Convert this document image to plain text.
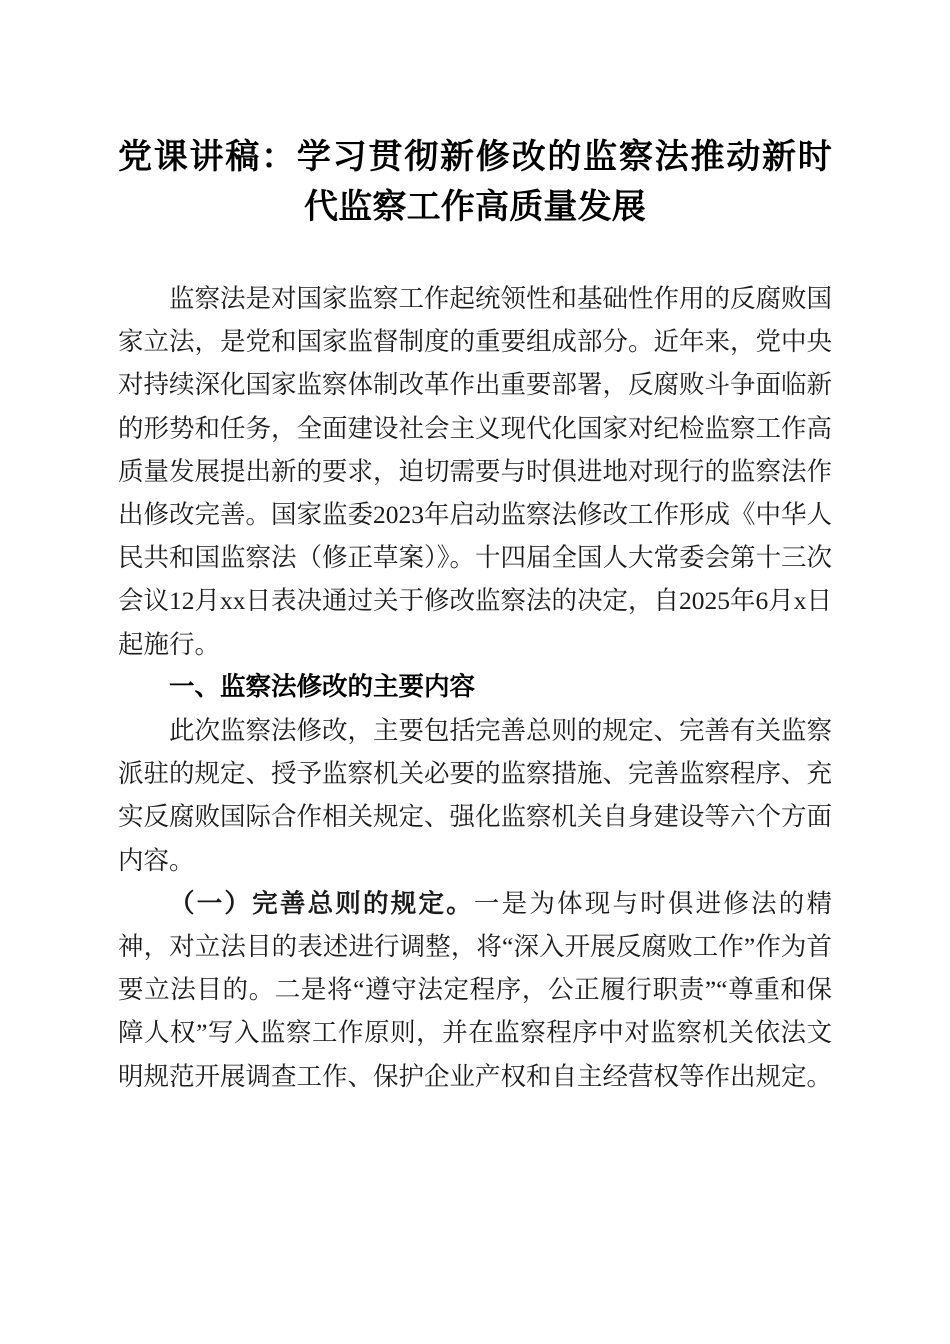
党课讲稿：学习贯彻新修改的监察法推动新时代监察工作高质量发展

监察法是对国家监察工作起统领性和基础性作用的反腐败国家立法，是党和国家监督制度的重要组成部分。近年来，党中央对持续深化国家监察体制改革作出重要部署，反腐败斗争面临新的形势和任务，全面建设社会主义现代化国家对纪检监察工作高质量发展提出新的要求，迫切需要与时俱进地对现行的监察法作出修改完善。国家监委2023年启动监察法修改工作形成《中华人民共和国监察法（修正草案）》。十四届全国人大常委会第十三次会议12月xx日表决通过关于修改监察法的决定，自2025年6月x日起施行。

一、监察法修改的主要内容

此次监察法修改，主要包括完善总则的规定、完善有关监察派驻的规定、授予监察机关必要的监察措施、完善监察程序、充实反腐败国际合作相关规定、强化监察机关自身建设等六个方面内容。

（一）完善总则的规定。一是为体现与时俱进修法的精神，对立法目的表述进行调整，将“深入开展反腐败工作”作为首要立法目的。二是将“遵守法定程序，公正履行职责”“尊重和保障人权”写入监察工作原则，并在监察程序中对监察机关依法文明规范开展调查工作、保护企业产权和自主经营权等作出规定。
